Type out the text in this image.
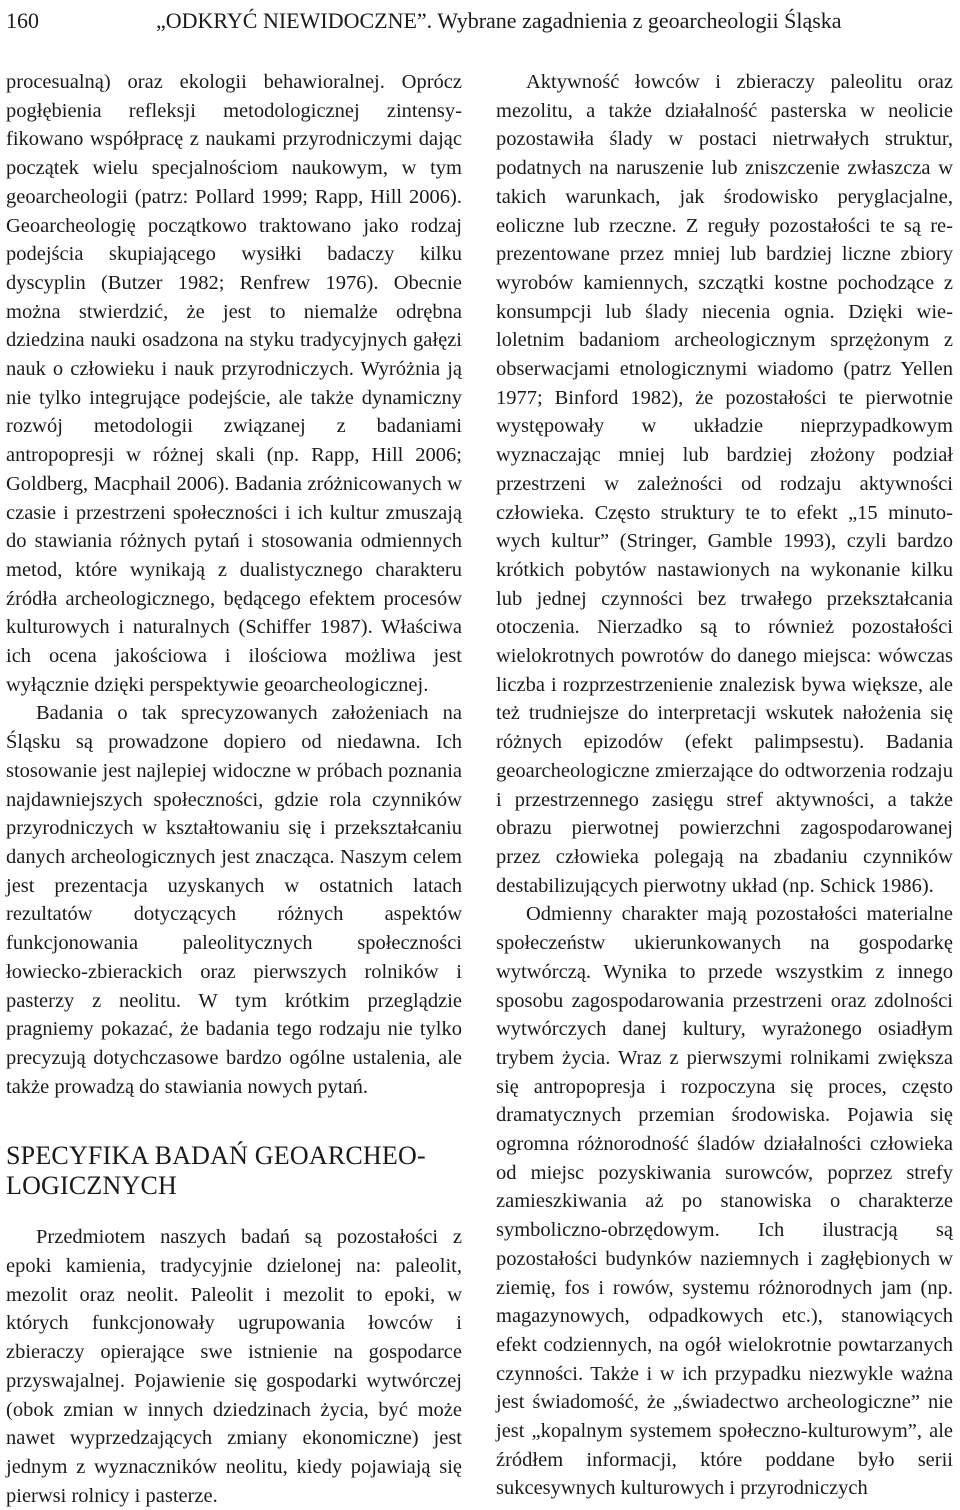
160	„ODKRYĆ NIEWIDOCZNE”. Wybrane zagadnienia z geoarcheologii Śląska

procesualną) oraz ekologii behawioralnej. Oprócz pogłębienia refleksji metodologicznej zintensyfikowano współpracę z naukami przyrodniczymi dając początek wielu specjalnościom naukowym, w tym geoarcheologii (patrz: Pollard 1999; Rapp, Hill 2006). Geoarcheologię początkowo traktowano jako rodzaj podejścia skupiającego wysiłki badaczy kilku dyscyplin (Butzer 1982; Renfrew 1976). Obecnie można stwierdzić, że jest to niemalże odrębna dziedzina nauki osadzona na styku tradycyjnych gałęzi nauk o człowieku i nauk przyrodniczych. Wyróżnia ją nie tylko integrujące podejście, ale także dynamiczny rozwój metodologii związanej z badaniami antropopresji w różnej skali (np. Rapp, Hill 2006; Goldberg, Macphail 2006). Badania zróżnicowanych w czasie i przestrzeni społeczności i ich kultur zmuszają do stawiania różnych pytań i stosowania odmiennych metod, które wynikają z dualistycznego charakteru źródła archeologicznego, będącego efektem procesów kulturowych i naturalnych (Schiffer 1987). Właściwa ich ocena jakościowa i ilościowa możliwa jest wyłącznie dzięki perspektywie geoarcheologicznej.

Badania o tak sprecyzowanych założeniach na Śląsku są prowadzone dopiero od niedawna. Ich stosowanie jest najlepiej widoczne w próbach poznania najdawniejszych społeczności, gdzie rola czynników przyrodniczych w kształtowaniu się i przekształcaniu danych archeologicznych jest znacząca. Naszym celem jest prezentacja uzyskanych w ostatnich latach rezultatów dotyczących różnych aspektów funkcjonowania paleolitycznych społeczności łowiecko-zbierackich oraz pierwszych rolników i pasterzy z neolitu. W tym krótkim przeglądzie pragniemy pokazać, że badania tego rodzaju nie tylko precyzują dotychczasowe bardzo ogólne ustalenia, ale także prowadzą do stawiania nowych pytań.

SPECYFIKA BADAŃ GEOARCHEOLOGICZNYCH

Przedmiotem naszych badań są pozostałości z epoki kamienia, tradycyjnie dzielonej na: paleolit, mezolit oraz neolit. Paleolit i mezolit to epoki, w których funkcjonowały ugrupowania łowców i zbieraczy opierające swe istnienie na gospodarce przyswajalnej. Pojawienie się gospodarki wytwórczej (obok zmian w innych dziedzinach życia, być może nawet wyprzedzających zmiany ekonomiczne) jest jednym z wyznaczników neolitu, kiedy pojawiają się pierwsi rolnicy i pasterze.

Aktywność łowców i zbieraczy paleolitu oraz mezolitu, a także działalność pasterska w neolicie pozostawiła ślady w postaci nietrwałych struktur, podatnych na naruszenie lub zniszczenie zwłaszcza w takich warunkach, jak środowisko peryglacjalne, eoliczne lub rzeczne. Z reguły pozostałości te są reprezentowane przez mniej lub bardziej liczne zbiory wyrobów kamiennych, szczątki kostne pochodzące z konsumpcji lub ślady niecenia ognia. Dzięki wieloletnim badaniom archeologicznym sprzężonym z obserwacjami etnologicznymi wiadomo (patrz Yellen 1977; Binford 1982), że pozostałości te pierwotnie występowały w układzie nieprzypadkowym wyznaczając mniej lub bardziej złożony podział przestrzeni w zależności od rodzaju aktywności człowieka. Często struktury te to efekt „15 minutowych kultur” (Stringer, Gamble 1993), czyli bardzo krótkich pobytów nastawionych na wykonanie kilku lub jednej czynności bez trwałego przekształcania otoczenia. Nierzadko są to również pozostałości wielokrotnych powrotów do danego miejsca: wówczas liczba i rozprzestrzenienie znalezisk bywa większe, ale też trudniejsze do interpretacji wskutek nałożenia się różnych epizodów (efekt palimpsestu). Badania geoarcheologiczne zmierzające do odtworzenia rodzaju i przestrzennego zasięgu stref aktywności, a także obrazu pierwotnej powierzchni zagospodarowanej przez człowieka polegają na zbadaniu czynników destabilizujących pierwotny układ (np. Schick 1986).

Odmienny charakter mają pozostałości materialne społeczeństw ukierunkowanych na gospodarkę wytwórczą. Wynika to przede wszystkim z innego sposobu zagospodarowania przestrzeni oraz zdolności wytwórczych danej kultury, wyrażonego osiadłym trybem życia. Wraz z pierwszymi rolnikami zwiększa się antropopresja i rozpoczyna się proces, często dramatycznych przemian środowiska. Pojawia się ogromna różnorodność śladów działalności człowieka od miejsc pozyskiwania surowców, poprzez strefy zamieszkiwania aż po stanowiska o charakterze symboliczno-obrzędowym. Ich ilustracją są pozostałości budynków naziemnych i zagłębionych w ziemię, fos i rowów, systemu różnorodnych jam (np. magazynowych, odpadkowych etc.), stanowiących efekt codziennych, na ogół wielokrotnie powtarzanych czynności. Także i w ich przypadku niezwykle ważna jest świadomość, że „świadectwo archeologiczne” nie jest „kopalnym systemem społeczno-kulturowym”, ale źródłem informacji, które poddane było serii sukcesywnych kulturowych i przyrodniczych
